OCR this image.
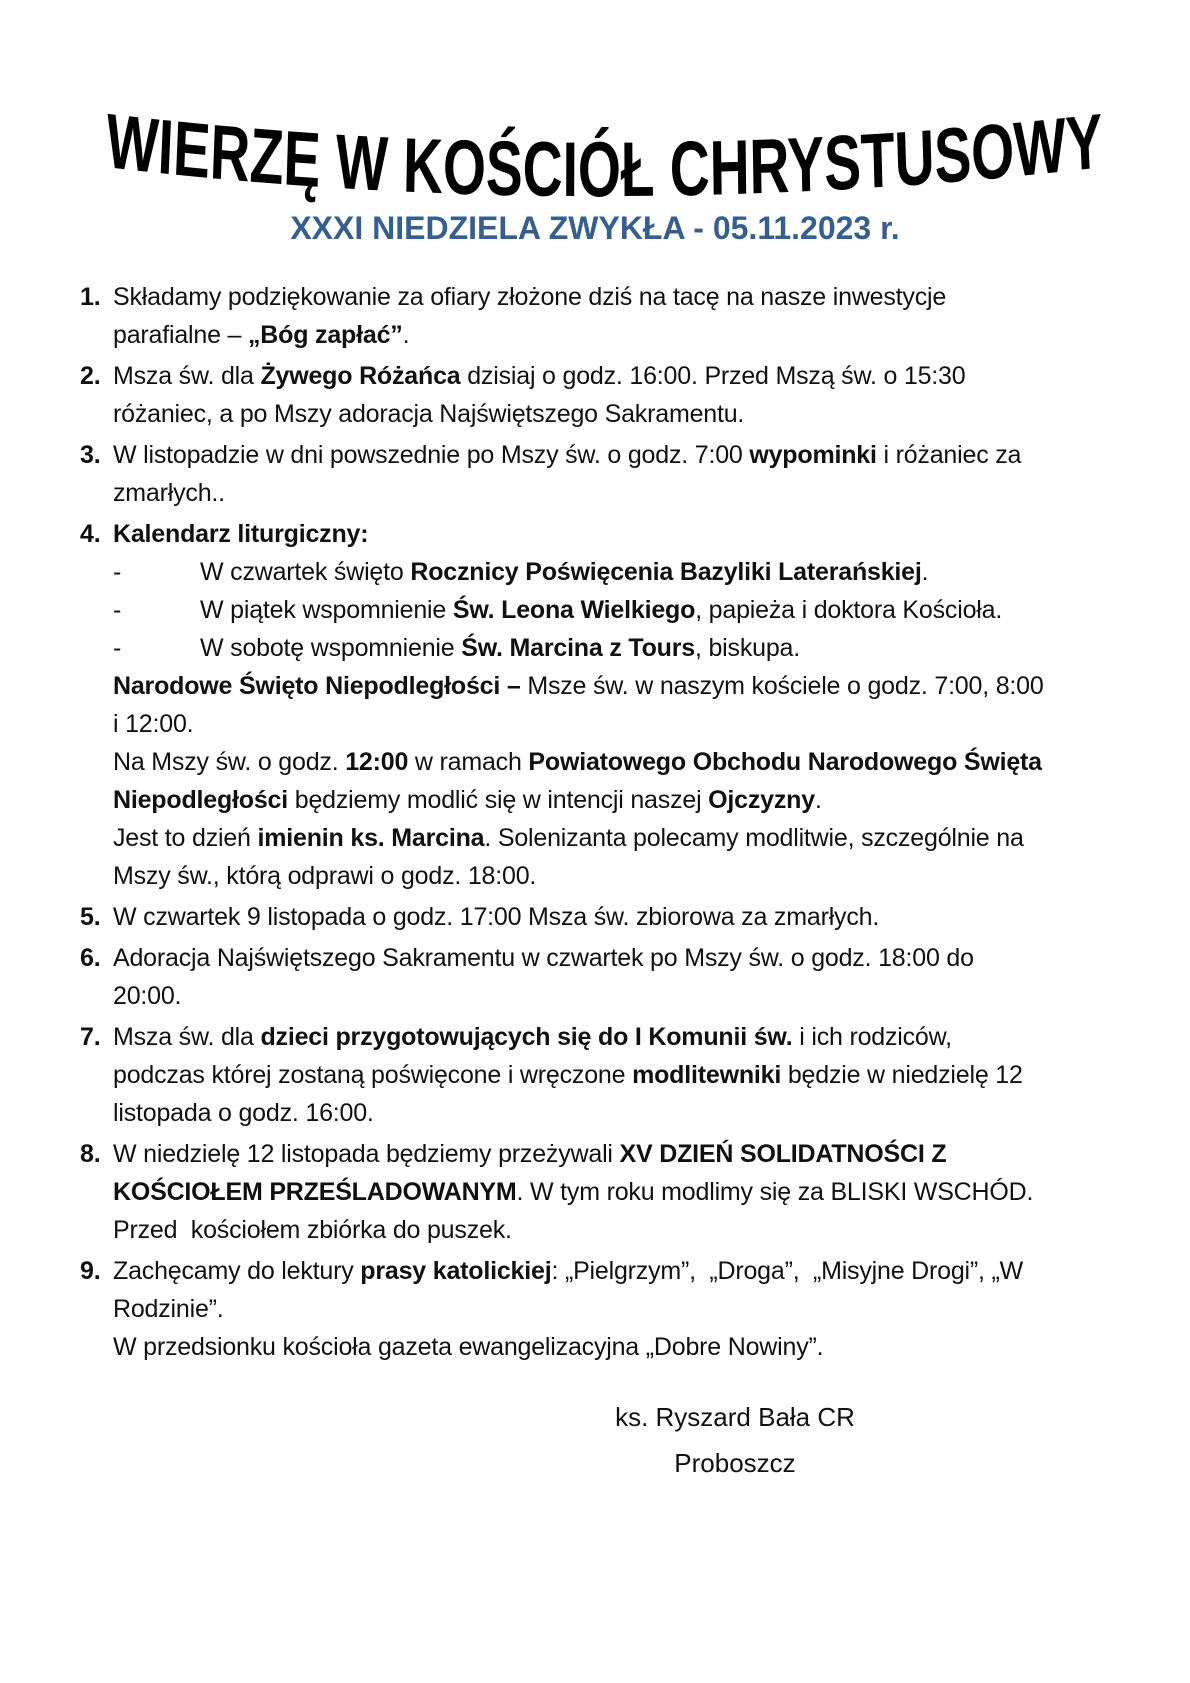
WIERZĘ W KOŚCIÓŁ CHRYSTUSOWY
XXXI NIEDZIELA ZWYKŁA - 05.11.2023 r.
1. Składamy podziękowanie za ofiary złożone dziś na tacę na nasze inwestycje parafialne – „Bóg zapłać”.

2. Msza św. dla Żywego Różańca dzisiaj o godz. 16:00. Przed Mszą św. o 15:30 różaniec, a po Mszy adoracja Najświętszego Sakramentu.

3. W listopadzie w dni powszednie po Mszy św. o godz. 7:00 wypominki i różaniec za zmarłych..

4. Kalendarz liturgiczny:

-	W czwartek święto Rocznicy Poświęcenia Bazyliki Laterańskiej.

-	W piątek wspomnienie Św. Leona Wielkiego, papieża i doktora Kościoła.

-	W sobotę wspomnienie Św. Marcina z Tours, biskupa.

Narodowe Święto Niepodległości – Msze św. w naszym kościele o godz. 7:00, 8:00 i 12:00.

Na Mszy św. o godz. 12:00 w ramach Powiatowego Obchodu Narodowego Święta Niepodległości będziemy modlić się w intencji naszej Ojczyzny.

Jest to dzień imienin ks. Marcina. Solenizanta polecamy modlitwie, szczególnie na Mszy św., którą odprawi o godz. 18:00.

5. W czwartek 9 listopada o godz. 17:00 Msza św. zbiorowa za zmarłych.

6. Adoracja Najświętszego Sakramentu w czwartek po Mszy św. o godz. 18:00 do 20:00.

7. Msza św. dla dzieci przygotowujących się do I Komunii św. i ich rodziców, podczas której zostaną poświęcone i wręczone modlitewniki będzie w niedzielę 12 listopada o godz. 16:00.

8. W niedzielę 12 listopada będziemy przeżywali XV DZIEŃ SOLIDATNOŚCI Z KOŚCIOŁEM PRZEŚLADOWANYM. W tym roku modlimy się za BLISKI WSCHÓD.

Przed  kościołem zbiórka do puszek.

9. Zachęcamy do lektury prasy katolickiej: „Pielgrzym”,  „Droga”,  „Misyjne Drogi”, „W Rodzinie”.

W przedsionku kościoła gazeta ewangelizacyjna „Dobre Nowiny”.

ks. Ryszard Bała CR
Proboszcz
